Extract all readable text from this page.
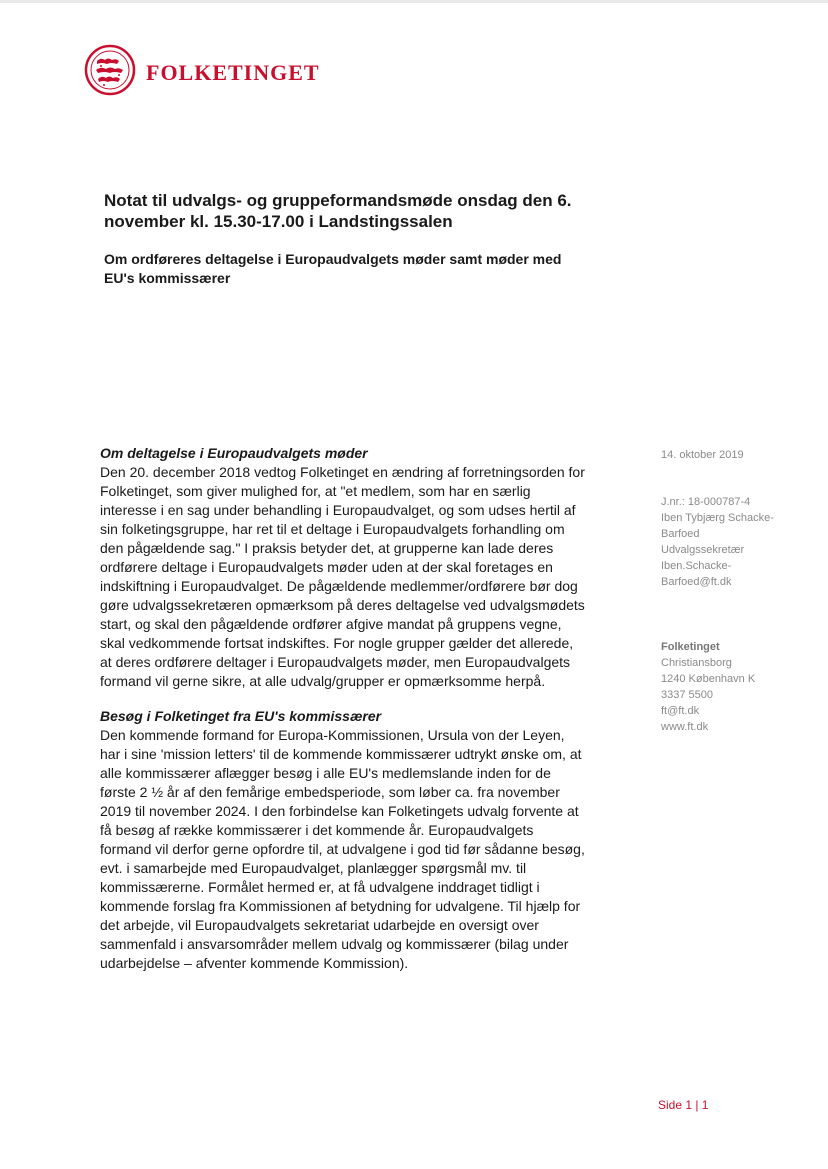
FOLKETINGET
Notat til udvalgs- og gruppeformandsmøde onsdag den 6. november kl. 15.30-17.00 i Landstingssalen
Om ordføreres deltagelse i Europaudvalgets møder samt møder med EU's kommissærer
Om deltagelse i Europaudvalgets møder
Den 20. december 2018 vedtog Folketinget en ændring af forretningsorden for
Folketinget, som giver mulighed for, at "et medlem, som har en særlig
interesse i en sag under behandling i Europaudvalget, og som udses hertil af
sin folketingsgruppe, har ret til et deltage i Europaudvalgets forhandling om
den pågældende sag." I praksis betyder det, at grupperne kan lade deres
ordførere deltage i Europaudvalgets møder uden at der skal foretages en
indskiftning i Europaudvalget. De pågældende medlemmer/ordførere bør dog
gøre udvalgssekretæren opmærksom på deres deltagelse ved udvalgsmødets
start, og skal den pågældende ordfører afgive mandat på gruppens vegne,
skal vedkommende fortsat indskiftes. For nogle grupper gælder det allerede,
at deres ordførere deltager i Europaudvalgets møder, men Europaudvalgets
formand vil gerne sikre, at alle udvalg/grupper er opmærksomme herpå.
Besøg i Folketinget fra EU's kommissærer
Den kommende formand for Europa-Kommissionen, Ursula von der Leyen,
har i sine 'mission letters' til de kommende kommissærer udtrykt ønske om, at
alle kommissærer aflægger besøg i alle EU's medlemslande inden for de
første 2 ½ år af den femårige embedsperiode, som løber ca. fra november
2019 til november 2024. I den forbindelse kan Folketingets udvalg forvente at
få besøg af række kommissærer i det kommende år. Europaudvalgets
formand vil derfor gerne opfordre til, at udvalgene i god tid før sådanne besøg,
evt. i samarbejde med Europaudvalget, planlægger spørgsmål mv. til
kommissærerne. Formålet hermed er, at få udvalgene inddraget tidligt i
kommende forslag fra Kommissionen af betydning for udvalgene. Til hjælp for
det arbejde, vil Europaudvalgets sekretariat udarbejde en oversigt over
sammenfald i ansvarsområder mellem udvalg og kommissærer (bilag under
udarbejdelse – afventer kommende Kommission).
14. oktober 2019
J.nr.: 18-000787-4
Iben Tybjærg Schacke-
Barfoed
Udvalgssekretær
Iben.Schacke-
Barfoed@ft.dk
Folketinget
Christiansborg
1240 København K
3337 5500
ft@ft.dk
www.ft.dk
Side 1 | 1
